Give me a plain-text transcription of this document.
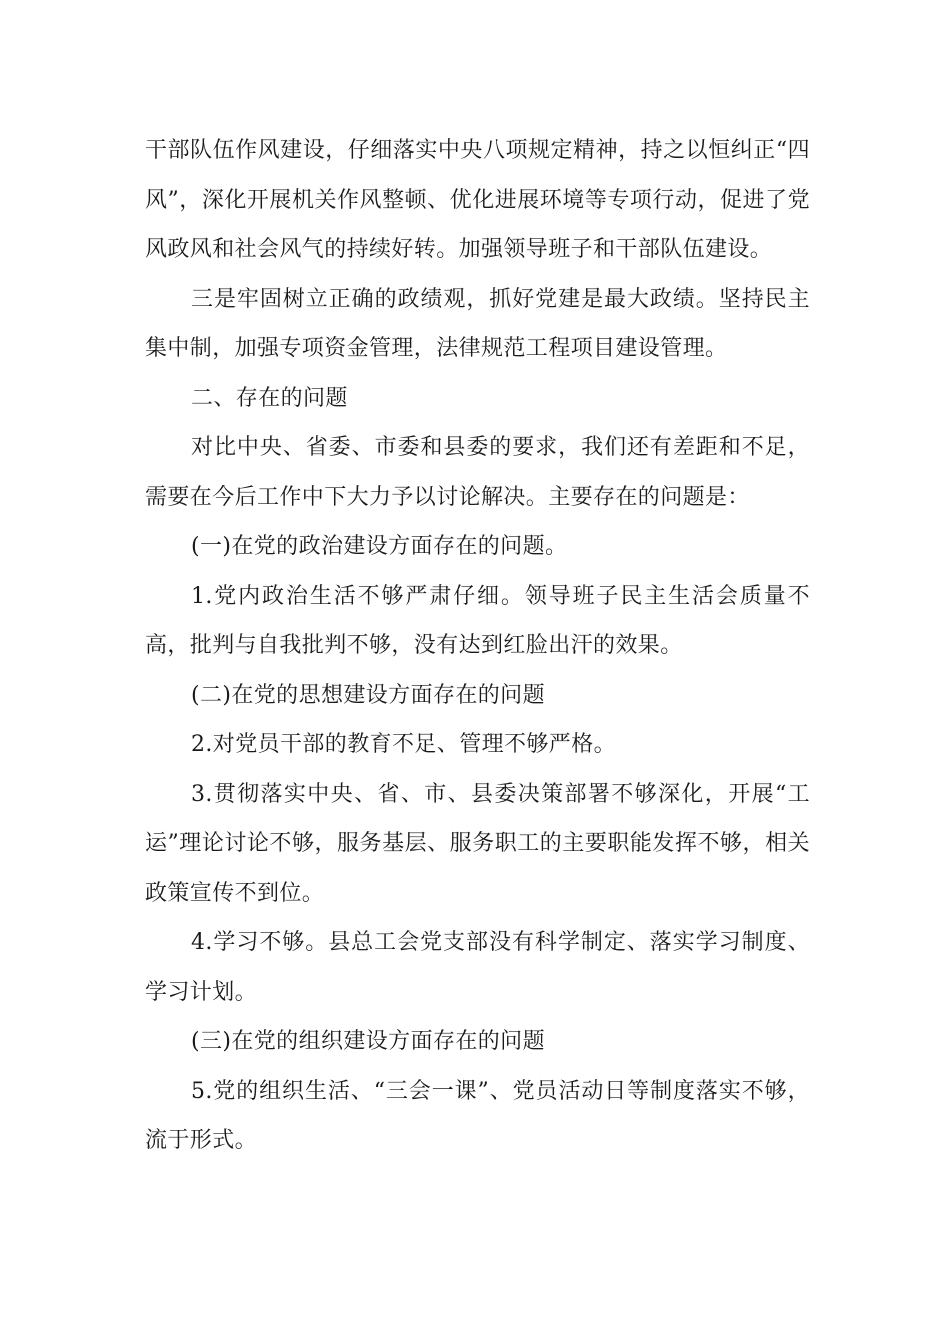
干部队伍作风建设，仔细落实中央八项规定精神，持之以恒纠正“四风”，深化开展机关作风整顿、优化进展环境等专项行动，促进了党风政风和社会风气的持续好转。加强领导班子和干部队伍建设。

三是牢固树立正确的政绩观，抓好党建是最大政绩。坚持民主集中制，加强专项资金管理，法律规范工程项目建设管理。

二、存在的问题

对比中央、省委、市委和县委的要求，我们还有差距和不足，需要在今后工作中下大力予以讨论解决。主要存在的问题是：

(一)在党的政治建设方面存在的问题。

1.党内政治生活不够严肃仔细。领导班子民主生活会质量不高，批判与自我批判不够，没有达到红脸出汗的效果。

(二)在党的思想建设方面存在的问题

2.对党员干部的教育不足、管理不够严格。

3.贯彻落实中央、省、市、县委决策部署不够深化，开展“工运”理论讨论不够，服务基层、服务职工的主要职能发挥不够，相关政策宣传不到位。

4.学习不够。县总工会党支部没有科学制定、落实学习制度、学习计划。

(三)在党的组织建设方面存在的问题

5.党的组织生活、“三会一课”、党员活动日等制度落实不够，流于形式。
